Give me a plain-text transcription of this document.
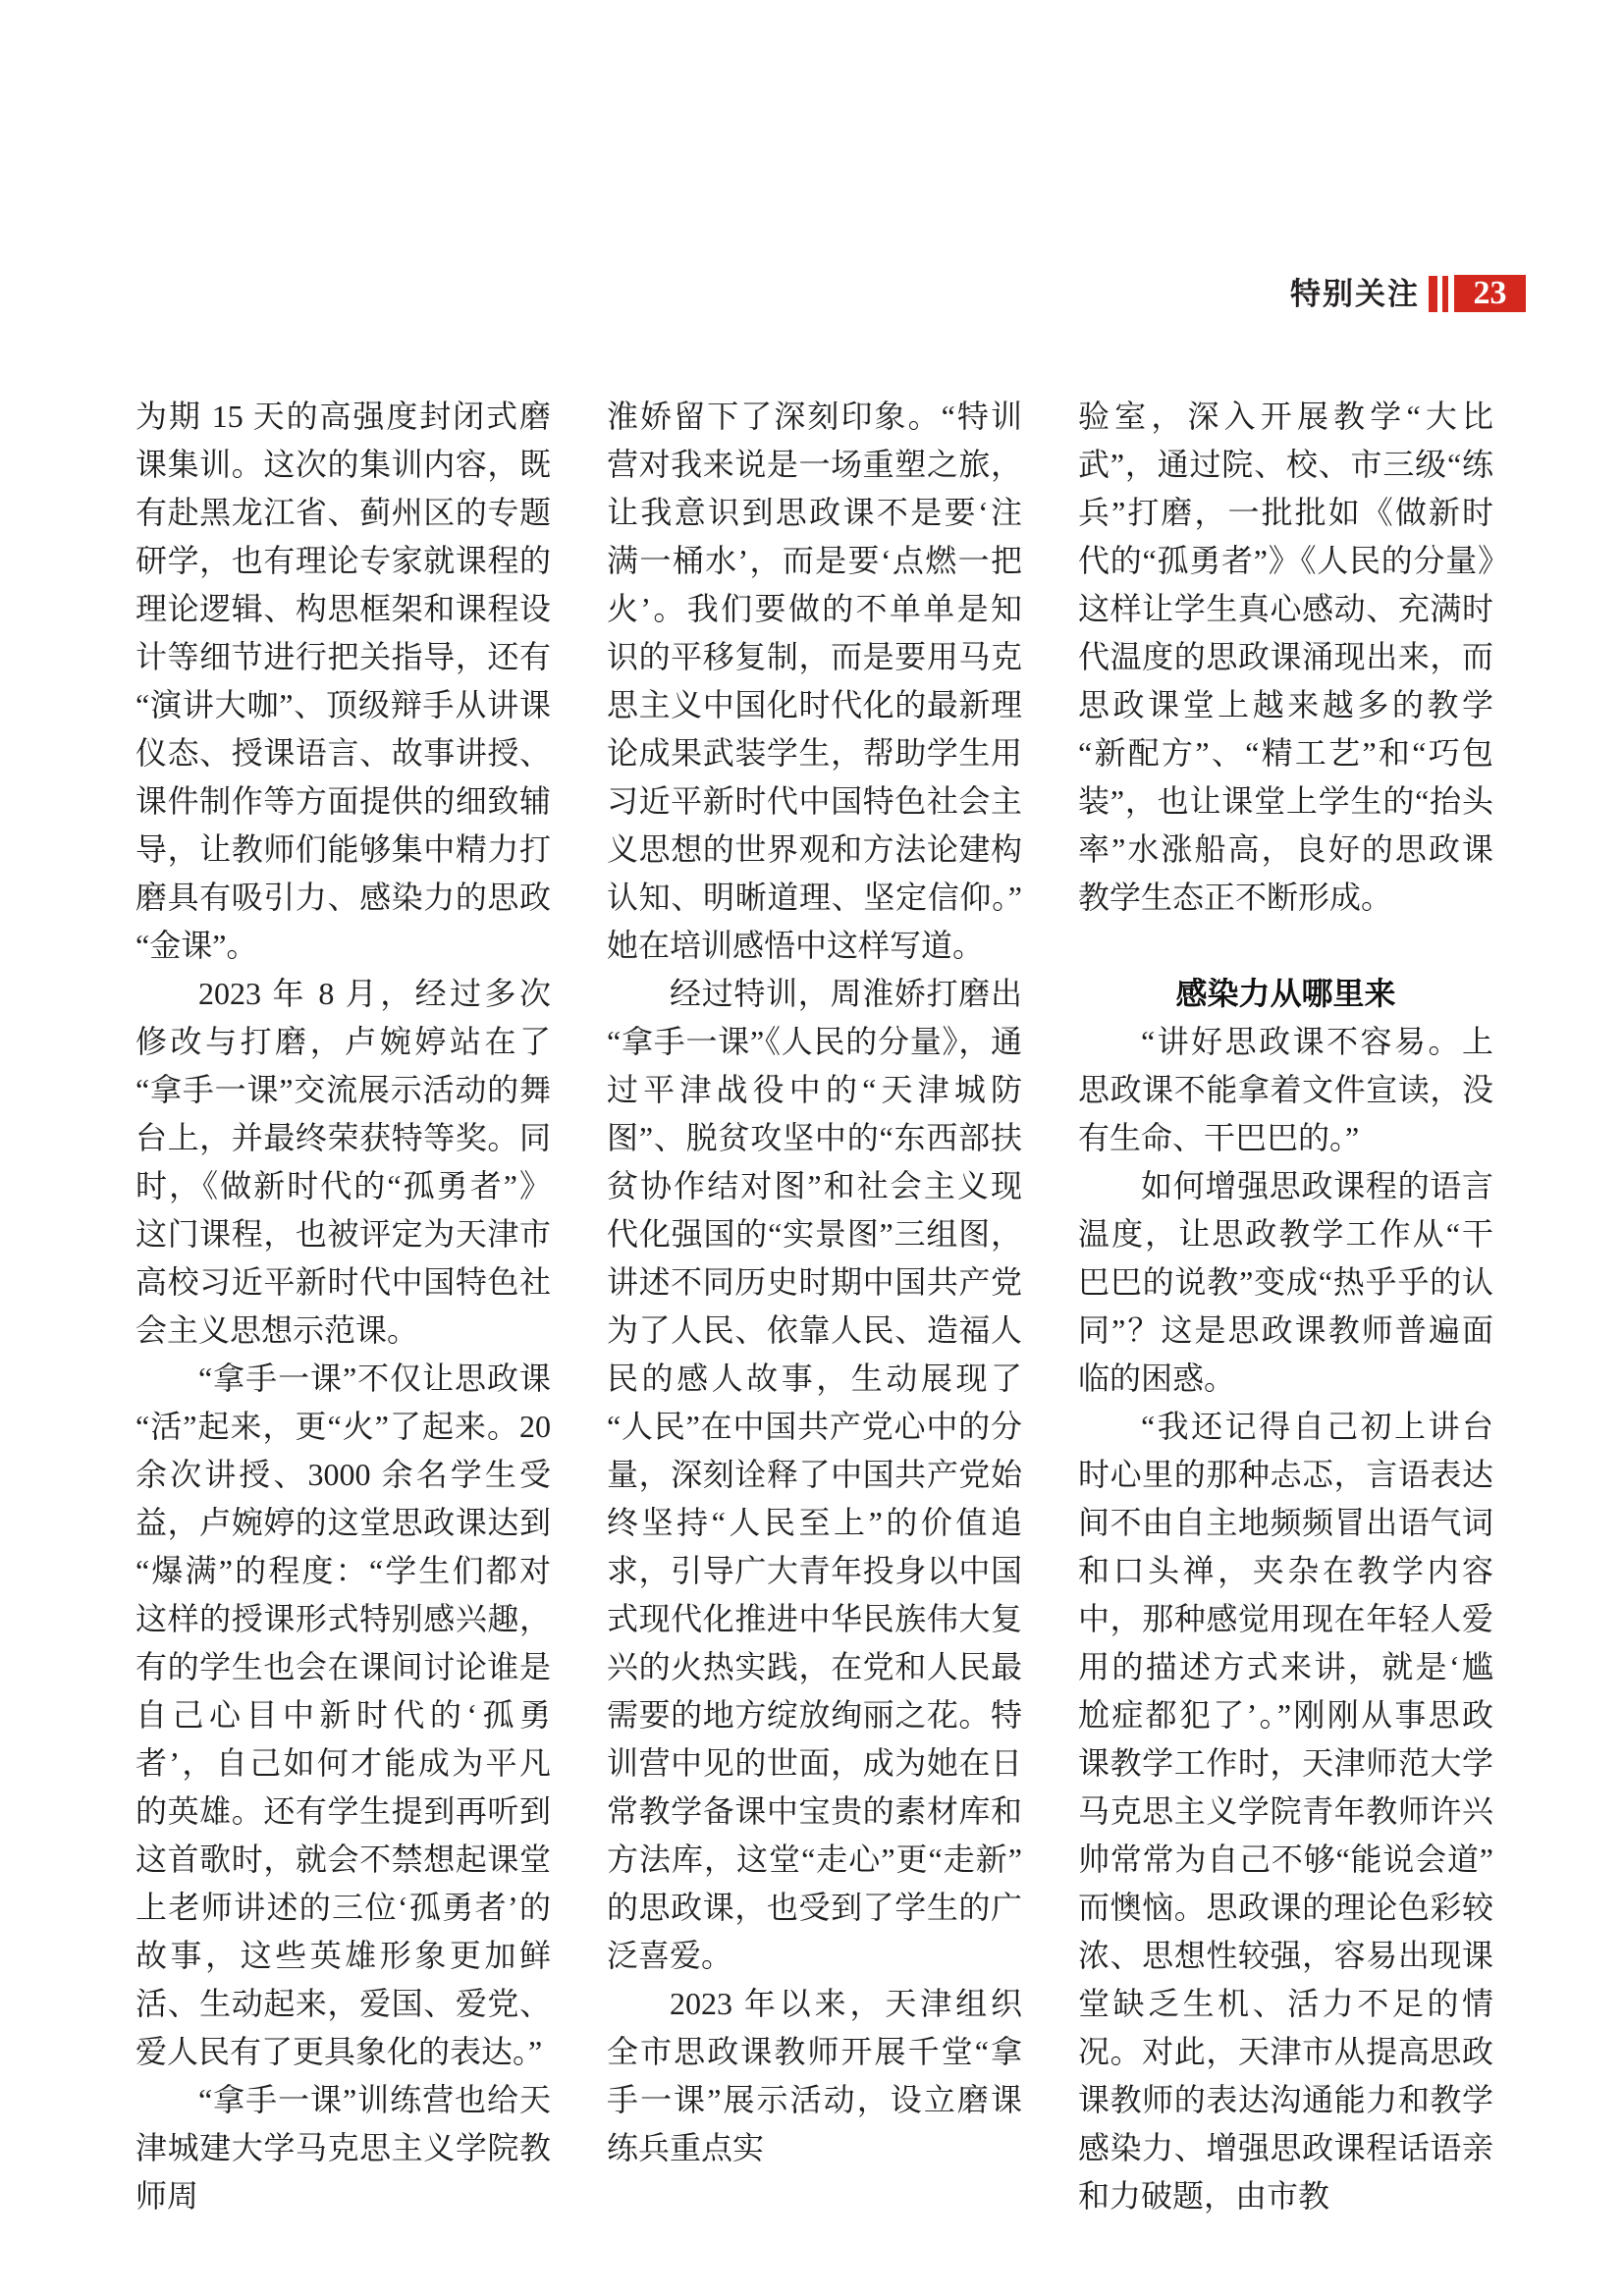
特别关注 23

为期 15 天的高强度封闭式磨课集训。这次的集训内容，既有赴黑龙江省、蓟州区的专题研学，也有理论专家就课程的理论逻辑、构思框架和课程设计等细节进行把关指导，还有“演讲大咖”、顶级辩手从讲课仪态、授课语言、故事讲授、课件制作等方面提供的细致辅导，让教师们能够集中精力打磨具有吸引力、感染力的思政“金课”。

2023 年 8 月，经过多次修改与打磨，卢婉婷站在了“拿手一课”交流展示活动的舞台上，并最终荣获特等奖。同时，《做新时代的“孤勇者”》这门课程，也被评定为天津市高校习近平新时代中国特色社会主义思想示范课。

“拿手一课”不仅让思政课“活”起来，更“火”了起来。20 余次讲授、3000 余名学生受益，卢婉婷的这堂思政课达到“爆满”的程度：“学生们都对这样的授课形式特别感兴趣，有的学生也会在课间讨论谁是自己心目中新时代的‘孤勇者’，自己如何才能成为平凡的英雄。还有学生提到再听到这首歌时，就会不禁想起课堂上老师讲述的三位‘孤勇者’的故事，这些英雄形象更加鲜活、生动起来，爱国、爱党、爱人民有了更具象化的表达。”

“拿手一课”训练营也给天津城建大学马克思主义学院教师周

淮娇留下了深刻印象。“特训营对我来说是一场重塑之旅，让我意识到思政课不是要‘注满一桶水’，而是要‘点燃一把火’。我们要做的不单单是知识的平移复制，而是要用马克思主义中国化时代化的最新理论成果武装学生，帮助学生用习近平新时代中国特色社会主义思想的世界观和方法论建构认知、明晰道理、坚定信仰。”她在培训感悟中这样写道。

经过特训，周淮娇打磨出“拿手一课”《人民的分量》，通过平津战役中的“天津城防图”、脱贫攻坚中的“东西部扶贫协作结对图”和社会主义现代化强国的“实景图”三组图，讲述不同历史时期中国共产党为了人民、依靠人民、造福人民的感人故事，生动展现了“人民”在中国共产党心中的分量，深刻诠释了中国共产党始终坚持“人民至上”的价值追求，引导广大青年投身以中国式现代化推进中华民族伟大复兴的火热实践，在党和人民最需要的地方绽放绚丽之花。特训营中见的世面，成为她在日常教学备课中宝贵的素材库和方法库，这堂“走心”更“走新”的思政课，也受到了学生的广泛喜爱。

2023 年以来，天津组织全市思政课教师开展千堂“拿手一课”展示活动，设立磨课练兵重点实

验室，深入开展教学“大比武”，通过院、校、市三级“练兵”打磨，一批批如《做新时代的“孤勇者”》《人民的分量》这样让学生真心感动、充满时代温度的思政课涌现出来，而思政课堂上越来越多的教学“新配方”、“精工艺”和“巧包装”，也让课堂上学生的“抬头率”水涨船高，良好的思政课教学生态正不断形成。

感染力从哪里来

“讲好思政课不容易。上思政课不能拿着文件宣读，没有生命、干巴巴的。”

如何增强思政课程的语言温度，让思政教学工作从“干巴巴的说教”变成“热乎乎的认同”？这是思政课教师普遍面临的困惑。

“我还记得自己初上讲台时心里的那种忐忑，言语表达间不由自主地频频冒出语气词和口头禅，夹杂在教学内容中，那种感觉用现在年轻人爱用的描述方式来讲，就是‘尴尬症都犯了’。”刚刚从事思政课教学工作时，天津师范大学马克思主义学院青年教师许兴帅常常为自己不够“能说会道”而懊恼。思政课的理论色彩较浓、思想性较强，容易出现课堂缺乏生机、活力不足的情况。对此，天津市从提高思政课教师的表达沟通能力和教学感染力、增强思政课程话语亲和力破题，由市教
